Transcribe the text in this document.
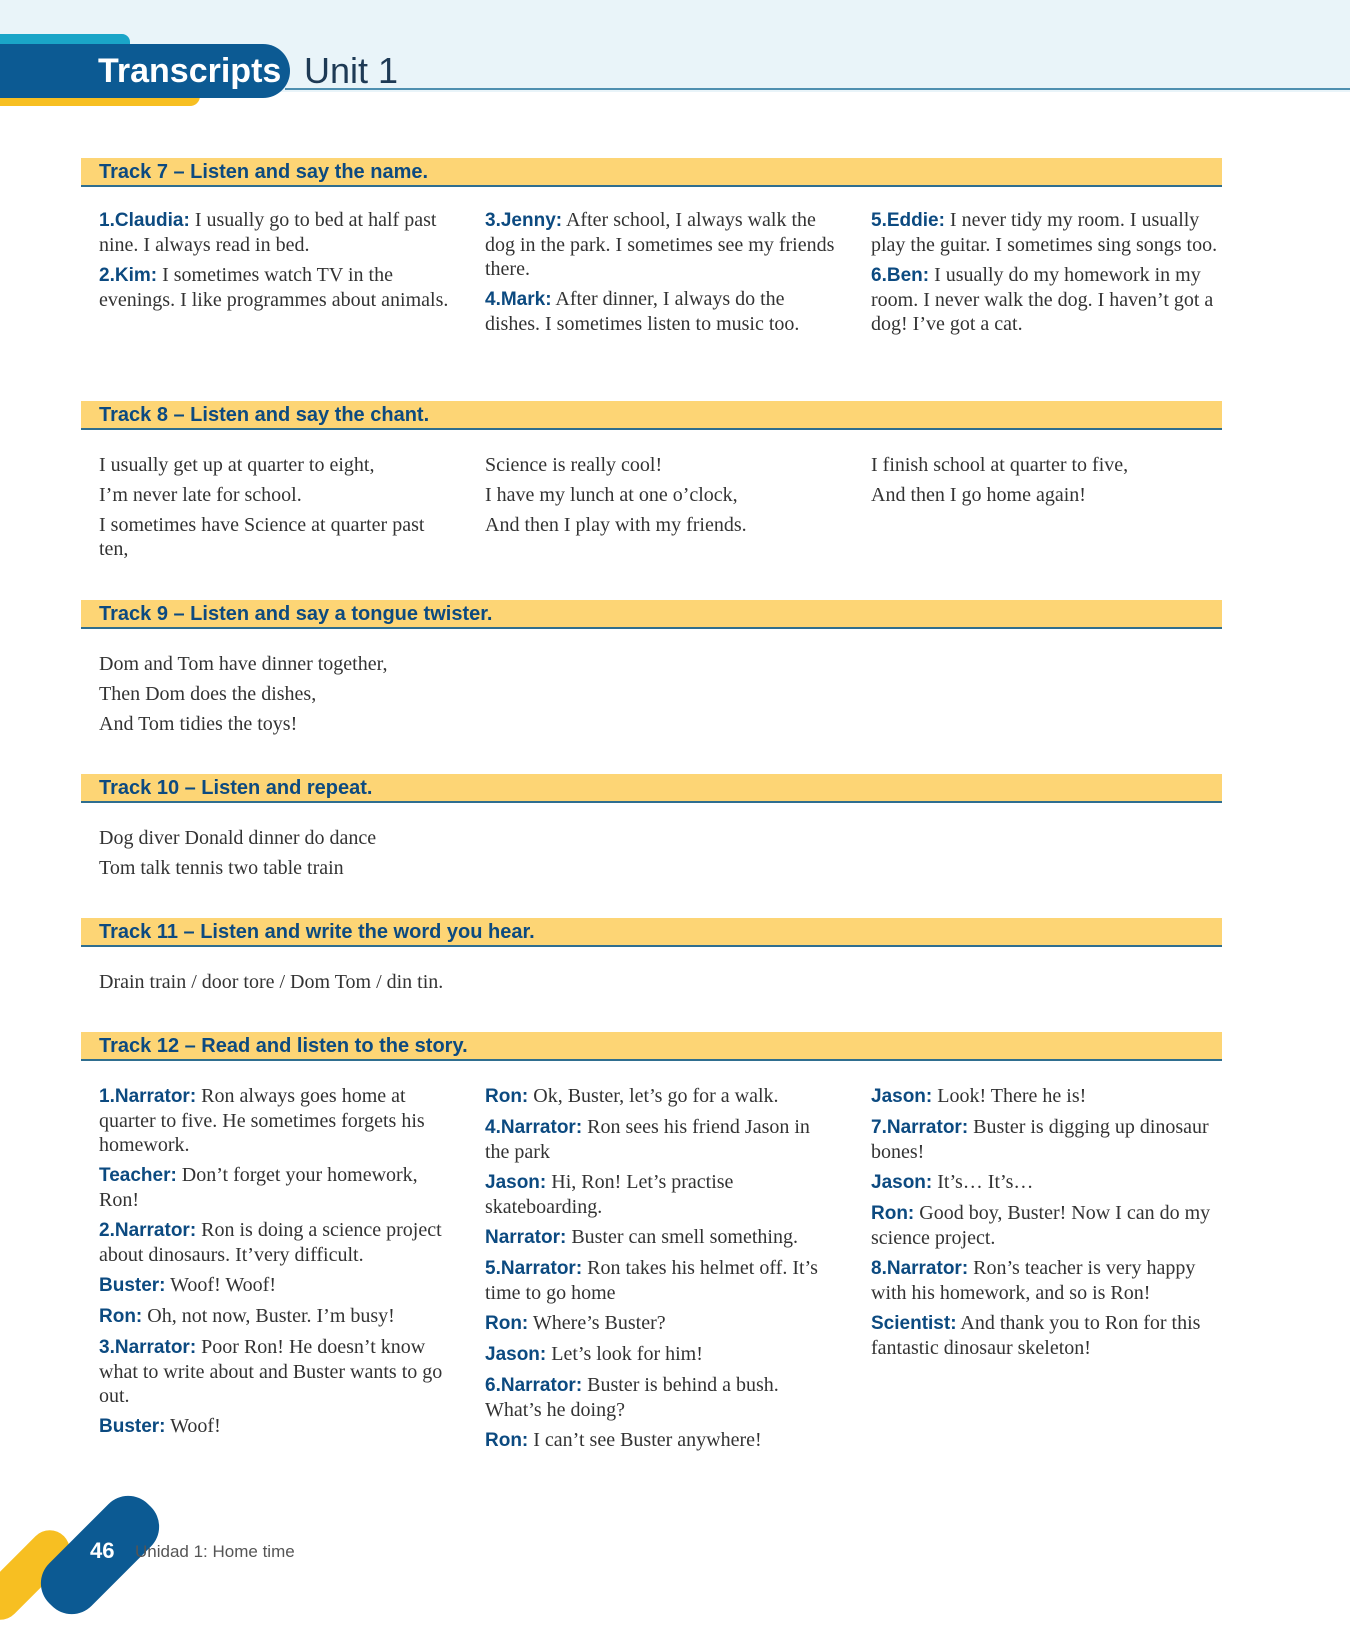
Transcripts Unit 1
Track 7 – Listen and say the name.

1.Claudia: I usually go to bed at half past nine. I always read in bed.

2.Kim: I sometimes watch TV in the evenings. I like programmes about animals.

3.Jenny: After school, I always walk the dog in the park. I sometimes see my friends there.

4.Mark: After dinner, I always do the dishes. I sometimes listen to music too.

5.Eddie: I never tidy my room. I usually play the guitar. I sometimes sing songs too.

6.Ben: I usually do my homework in my room. I never walk the dog. I haven’t got a dog! I’ve got a cat.

Track 8 – Listen and say the chant.

I usually get up at quarter to eight,

I’m never late for school.

I sometimes have Science at quarter past ten,

Science is really cool!

I have my lunch at one o’clock,

And then I play with my friends.

I finish school at quarter to five,

And then I go home again!

Track 9 – Listen and say a tongue twister.

Dom and Tom have dinner together,

Then Dom does the dishes,

And Tom tidies the toys!

Track 10 – Listen and repeat.

Dog diver Donald dinner do dance

Tom talk tennis two table train

Track 11 – Listen and write the word you hear.

Drain train / door tore / Dom Tom / din tin.

Track 12 – Read and listen to the story.

1.Narrator: Ron always goes home at quarter to five. He sometimes forgets his homework.

Teacher: Don’t forget your homework, Ron!

2.Narrator: Ron is doing a science project about dinosaurs. It’very difficult.

Buster: Woof! Woof!

Ron: Oh, not now, Buster. I’m busy!

3.Narrator: Poor Ron! He doesn’t know what to write about and Buster wants to go out.

Buster: Woof!

Ron: Ok, Buster, let’s go for a walk.

4.Narrator: Ron sees his friend Jason in the park

Jason: Hi, Ron! Let’s practise skateboarding.

Narrator: Buster can smell something.

5.Narrator: Ron takes his helmet off. It’s time to go home

Ron: Where’s Buster?

Jason: Let’s look for him!

6.Narrator: Buster is behind a bush. What’s he doing?

Ron: I can’t see Buster anywhere!

Jason: Look! There he is!

7.Narrator: Buster is digging up dinosaur bones!

Jason: It’s… It’s…

Ron: Good boy, Buster! Now I can do my science project.

8.Narrator: Ron’s teacher is very happy with his homework, and so is Ron!

Scientist: And thank you to Ron for this fantastic dinosaur skeleton!

46 Unidad 1: Home time
